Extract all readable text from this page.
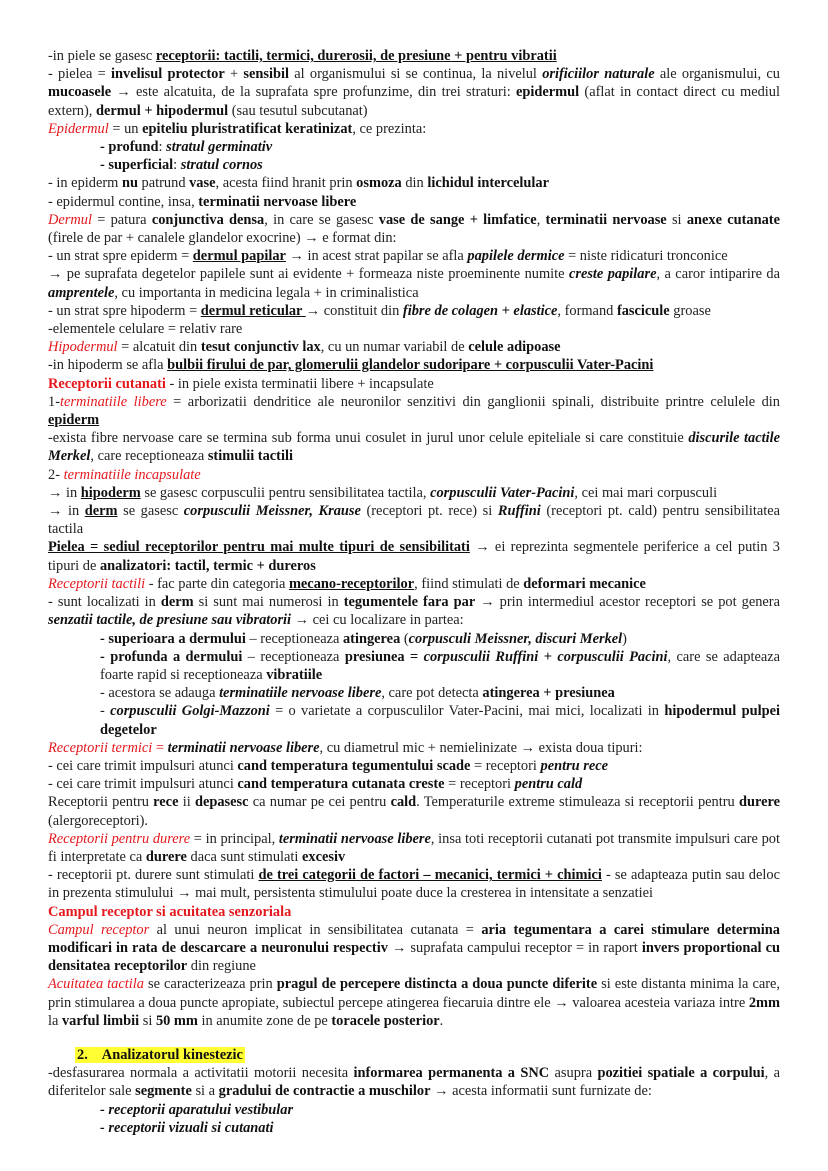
-in piele se gasesc receptorii: tactili, termici, durerosii, de presiune + pentru vibratii
- pielea = invelisul protector + sensibil al organismului si se continua, la nivelul orificiilor naturale ale organismului, cu mucoasele → este alcatuita, de la suprafata spre profunzime, din trei straturi: epidermul (aflat in contact direct cu mediul extern), dermul + hipodermul (sau tesutul subcutanat)
Epidermul = un epiteliu pluristratificat keratinizat, ce prezinta:
- profund: stratul germinativ
- superficial: stratul cornos
- in epiderm nu patrund vase, acesta fiind hranit prin osmoza din lichidul intercelular
- epidermul contine, insa, terminatii nervoase libere
Dermul = patura conjunctiva densa, in care se gasesc vase de sange + limfatice, terminatii nervoase si anexe cutanate (firele de par + canalele glandelor exocrine) → e format din:
- un strat spre epiderm = dermul papilar → in acest strat papilar se afla papilele dermice = niste ridicaturi tronconice
→ pe suprafata degetelor papilele sunt ai evidente + formeaza niste proeminente numite creste papilare, a caror intiparire da amprentele, cu importanta in medicina legala + in criminalistica
- un strat spre hipoderm = dermul reticular → constituit din fibre de colagen + elastice, formand fascicule groase
-elementele celulare = relativ rare
Hipodermul = alcatuit din tesut conjunctiv lax, cu un numar variabil de celule adipoase
-in hipoderm se afla bulbii firului de par, glomerulii glandelor sudoripare + corpusculii Vater-Pacini
Receptorii cutanati - in piele exista terminatii libere + incapsulate
1-terminatiile libere = arborizatii dendritice ale neuronilor senzitivi din ganglionii spinali, distribuite printre celulele din epiderm
-exista fibre nervoase care se termina sub forma unui cosulet in jurul unor celule epiteliale si care constituie discurile tactile Merkel, care receptioneaza stimulii tactili
2- terminatiile incapsulate
→ in hipoderm se gasesc corpusculii pentru sensibilitatea tactila, corpusculii Vater-Pacini, cei mai mari corpusculi
→ in derm se gasesc corpusculii Meissner, Krause (receptori pt. rece) si Ruffini (receptori pt. cald) pentru sensibilitatea tactila
Pielea = sediul receptorilor pentru mai multe tipuri de sensibilitati → ei reprezinta segmentele periferice a cel putin 3 tipuri de analizatori: tactil, termic + dureros
Receptorii tactili - fac parte din categoria mecano-receptorilor, fiind stimulati de deformari mecanice
- sunt localizati in derm si sunt mai numerosi in tegumentele fara par → prin intermediul acestor receptori se pot genera senzatii tactile, de presiune sau vibratorii → cei cu localizare in partea:
- superioara a dermului – receptioneaza atingerea (corpusculi Meissner, discuri Merkel)
- profunda a dermului – receptioneaza presiunea = corpusculii Ruffini + corpusculii Pacini, care se adapteaza foarte rapid si receptioneaza vibratiile
- acestora se adauga terminatiile nervoase libere, care pot detecta atingerea + presiunea
- corpusculii Golgi-Mazzoni = o varietate a corpusculilor Vater-Pacini, mai mici, localizati in hipodermul pulpei degetelor
Receptorii termici = terminatii nervoase libere, cu diametrul mic + nemielinizate → exista doua tipuri:
- cei care trimit impulsuri atunci cand temperatura tegumentului scade = receptori pentru rece
- cei care trimit impulsuri atunci cand temperatura cutanata creste = receptori pentru cald
Receptorii pentru rece ii depasesc ca numar pe cei pentru cald. Temperaturile extreme stimuleaza si receptorii pentru durere (alergoreceptori).
Receptorii pentru durere = in principal, terminatii nervoase libere, insa toti receptorii cutanati pot transmite impulsuri care pot fi interpretate ca durere daca sunt stimulati excesiv
- receptorii pt. durere sunt stimulati de trei categorii de factori – mecanici, termici + chimici - se adapteaza putin sau deloc in prezenta stimulului → mai mult, persistenta stimulului poate duce la cresterea in intensitate a senzatiei
Campul receptor si acuitatea senzoriala
Campul receptor al unui neuron implicat in sensibilitatea cutanata = aria tegumentara a carei stimulare determina modificari in rata de descarcare a neuronului respectiv → suprafata campului receptor = in raport invers proportional cu densitatea receptorilor din regiune
Acuitatea tactila se caracterizeaza prin pragul de percepere distincta a doua puncte diferite si este distanta minima la care, prin stimularea a doua puncte apropiate, subiectul percepe atingerea fiecaruia dintre ele → valoarea acesteia variaza intre 2mm la varful limbii si 50 mm in anumite zone de pe toracele posterior.
2. Analizatorul kinestezic
-desfasurarea normala a activitatii motorii necesita informarea permanenta a SNC asupra pozitiei spatiale a corpului, a diferitelor sale segmente si a gradului de contractie a muschilor → acesta informatii sunt furnizate de:
- receptorii aparatului vestibular
- receptorii vizuali si cutanati
